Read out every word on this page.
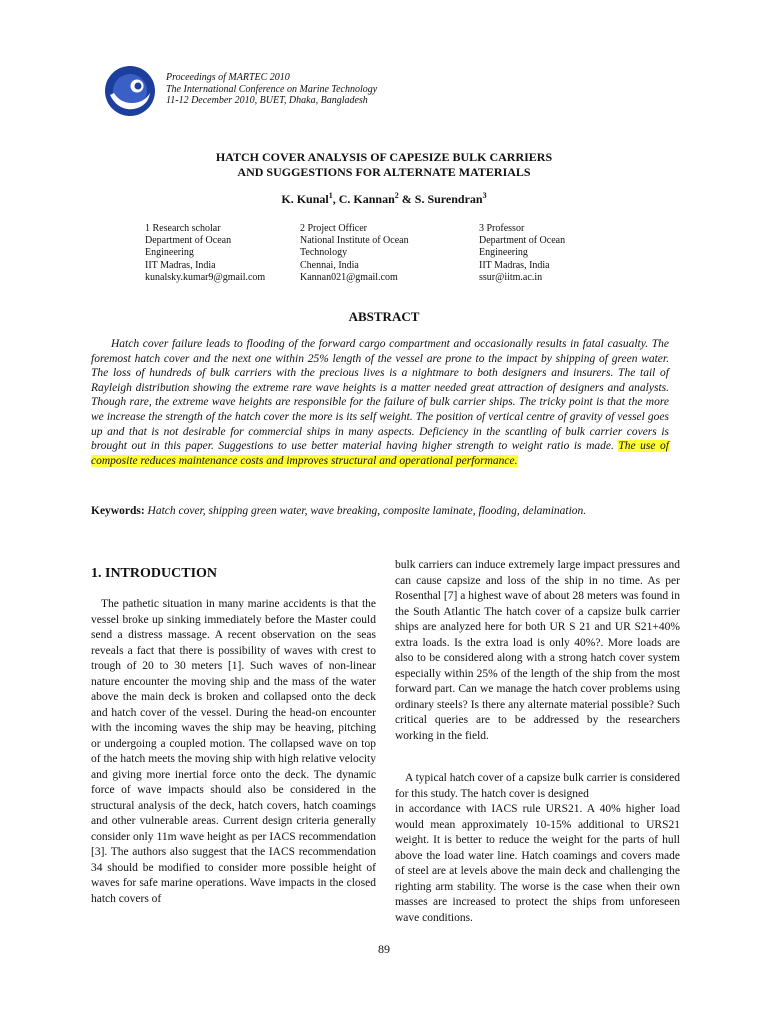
Proceedings of MARTEC 2010
The International Conference on Marine Technology
11-12 December 2010, BUET, Dhaka, Bangladesh
HATCH COVER ANALYSIS OF CAPESIZE BULK CARRIERS
AND SUGGESTIONS FOR ALTERNATE MATERIALS
K. Kunal$^1$, C. Kannan$^2$ & S. Surendran$^3$
1 Research scholar
Department of Ocean
Engineering
IIT Madras, India
kunalsky.kumar9@gmail.com
2 Project Officer
National Institute of Ocean
Technology
Chennai, India
Kannan021@gmail.com
3 Professor
Department of Ocean
Engineering
IIT Madras, India
ssur@iitm.ac.in
ABSTRACT

Hatch cover failure leads to flooding of the forward cargo compartment and occasionally results in fatal casualty. The foremost hatch cover and the next one within 25% length of the vessel are prone to the impact by shipping of green water. The loss of hundreds of bulk carriers with the precious lives is a nightmare to both designers and insurers. The tail of Rayleigh distribution showing the extreme rare wave heights is a matter needed great attraction of designers and analysts. Though rare, the extreme wave heights are responsible for the failure of bulk carrier ships. The tricky point is that the more we increase the strength of the hatch cover the more is its self weight. The position of vertical centre of gravity of vessel goes up and that is not desirable for commercial ships in many aspects. Deficiency in the scantling of bulk carrier covers is brought out in this paper. Suggestions to use better material having higher strength to weight ratio is made. The use of composite reduces maintenance costs and improves structural and operational performance.

Keywords: Hatch cover, shipping green water, wave breaking, composite laminate, flooding, delamination.
1. INTRODUCTION

The pathetic situation in many marine accidents is that the vessel broke up sinking immediately before the Master could send a distress massage. A recent observation on the seas reveals a fact that there is possibility of waves with crest to trough of 20 to 30 meters [1]. Such waves of non-linear nature encounter the moving ship and the mass of the water above the main deck is broken and collapsed onto the deck and hatch cover of the vessel. During the head-on encounter with the incoming waves the ship may be heaving, pitching or undergoing a coupled motion. The collapsed wave on top of the hatch meets the moving ship with high relative velocity and giving more inertial force onto the deck. The dynamic force of wave impacts should also be considered in the structural analysis of the deck, hatch covers, hatch coamings and other vulnerable areas. Current design criteria generally consider only 11m wave height as per IACS recommendation [3]. The authors also suggest that the IACS recommendation 34 should be modified to consider more possible height of waves for safe marine operations. Wave impacts in the closed hatch covers of

bulk carriers can induce extremely large impact pressures and can cause capsize and loss of the ship in no time. As per Rosenthal [7] a highest wave of about 28 meters was found in the South Atlantic The hatch cover of a capsize bulk carrier ships are analyzed here for both UR S 21 and UR S21+40% extra loads. Is the extra load is only 40%?. More loads are also to be considered along with a strong hatch cover system especially within 25% of the length of the ship from the most forward part. Can we manage the hatch cover problems using ordinary steels? Is there any alternate material possible? Such critical queries are to be addressed by the researchers working in the field.

A typical hatch cover of a capsize bulk carrier is considered for this study. The hatch cover is designed
in accordance with IACS rule URS21. A 40% higher load would mean approximately 10-15% additional to URS21 weight. It is better to reduce the weight for the parts of hull above the load water line. Hatch coamings and covers made of steel are at levels above the main deck and challenging the righting arm stability. The worse is the case when their own masses are increased to protect the ships from unforeseen wave conditions.

89
